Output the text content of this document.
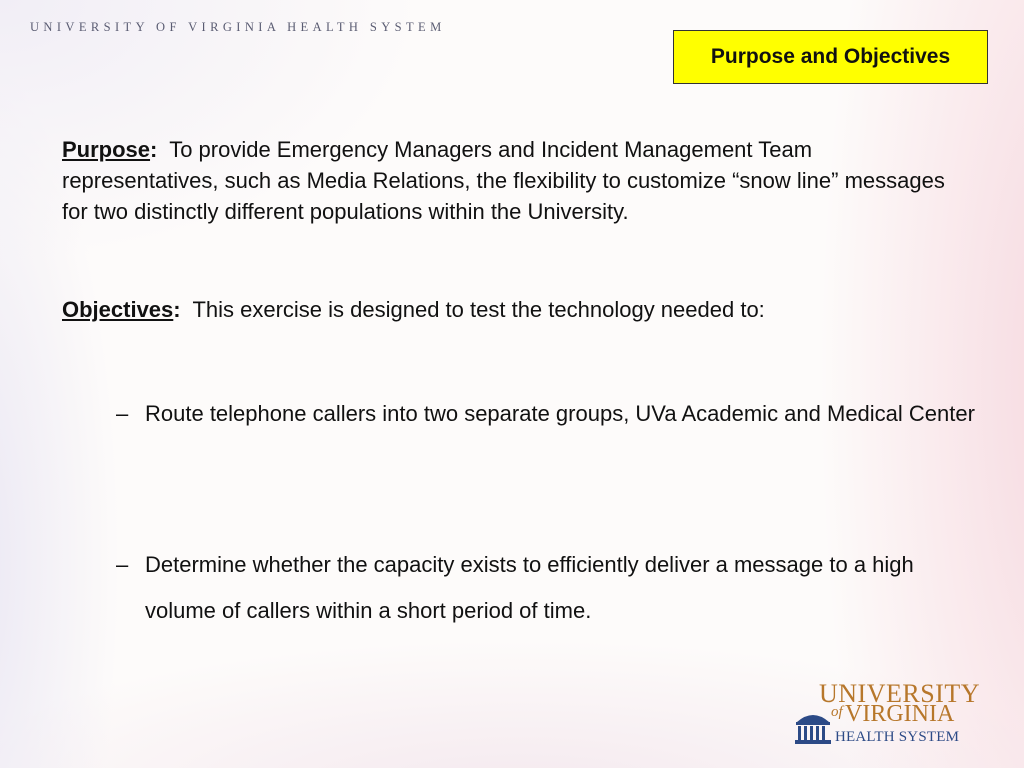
UNIVERSITY OF VIRGINIA HEALTH SYSTEM
Purpose and Objectives
Purpose: To provide Emergency Managers and Incident Management Team representatives, such as Media Relations, the flexibility to customize “snow line” messages for two distinctly different populations within the University.
Objectives: This exercise is designed to test the technology needed to:
– Route telephone callers into two separate groups, UVa Academic and Medical Center
– Determine whether the capacity exists to efficiently deliver a message to a high volume of callers within a short period of time.
UNIVERSITY
of VIRGINIA
HEALTH SYSTEM
